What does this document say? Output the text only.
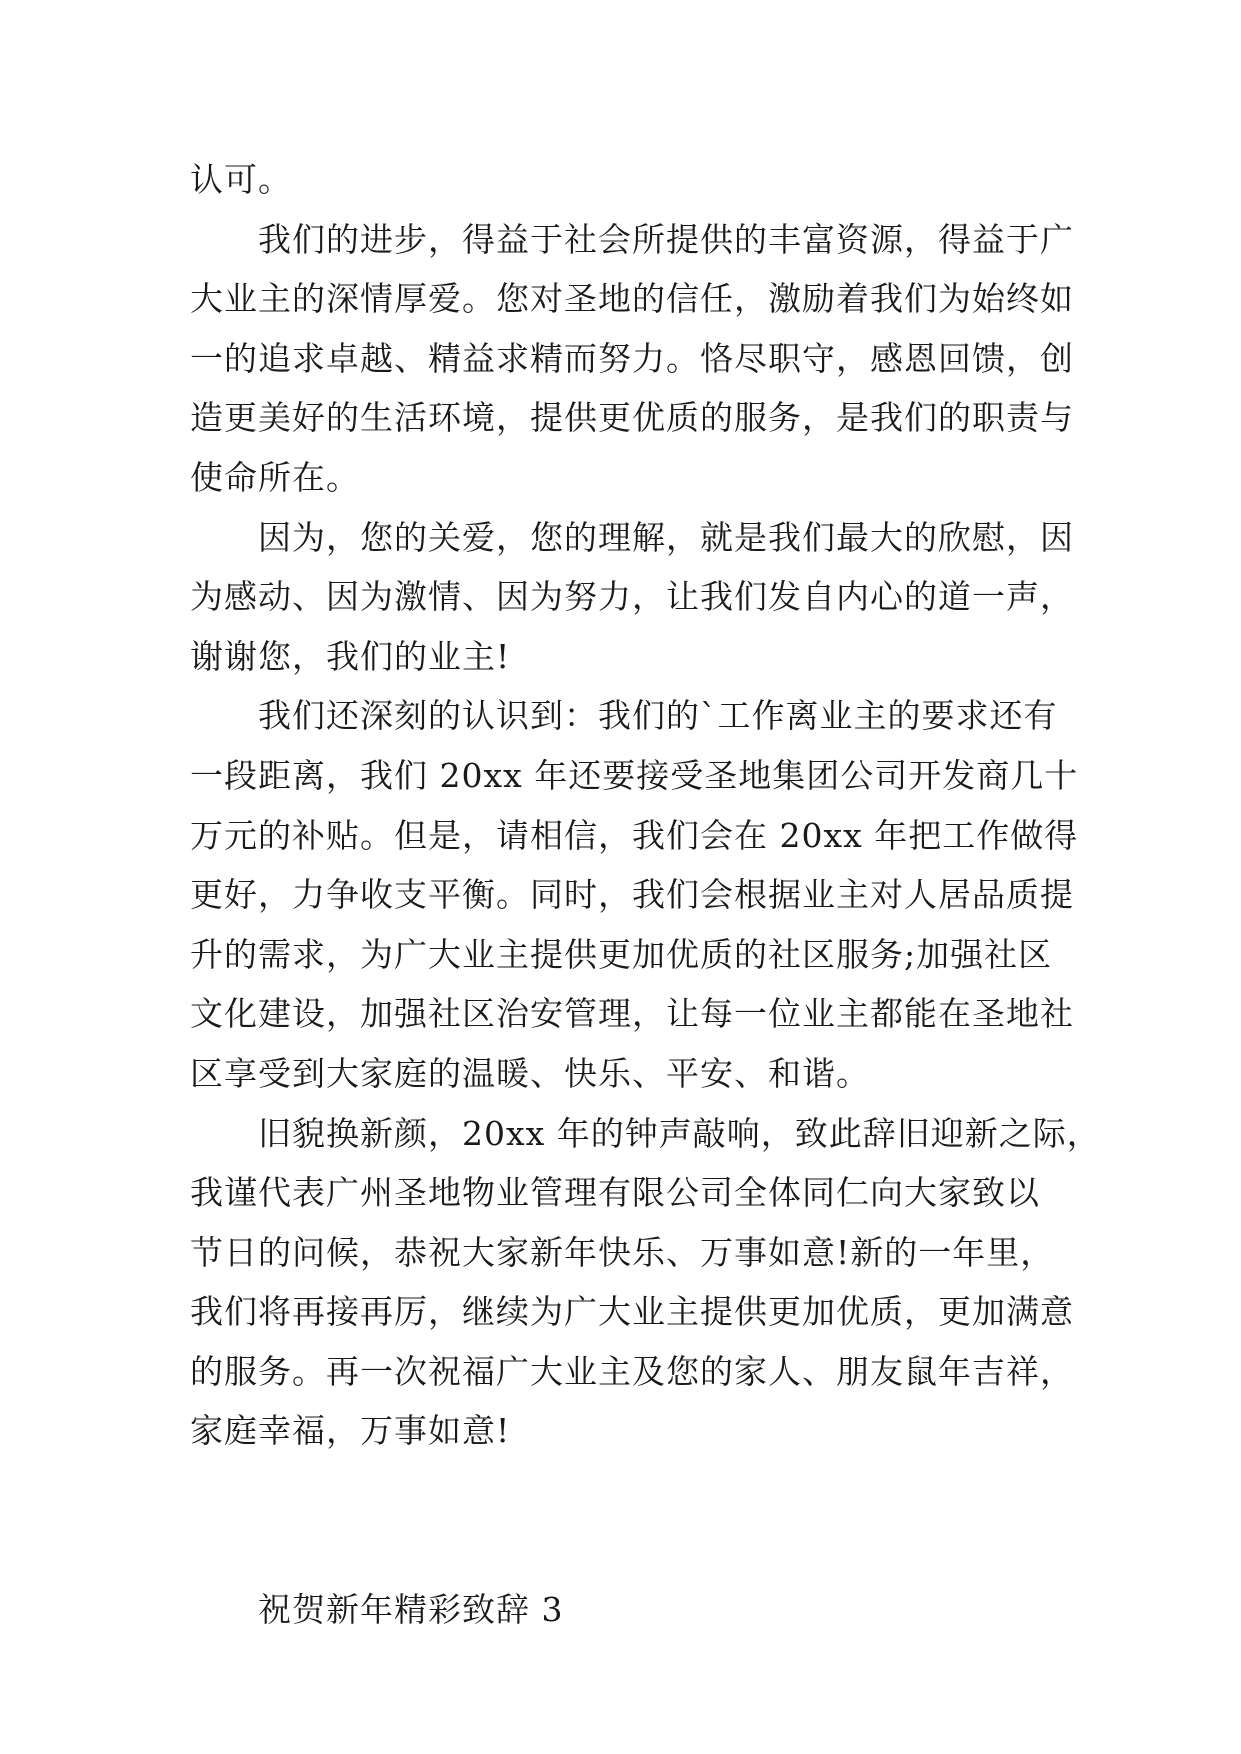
认可。
我们的进步，得益于社会所提供的丰富资源，得益于广
大业主的深情厚爱。您对圣地的信任，激励着我们为始终如
一的追求卓越、精益求精而努力。恪尽职守，感恩回馈，创
造更美好的生活环境，提供更优质的服务，是我们的职责与
使命所在。
因为，您的关爱，您的理解，就是我们最大的欣慰，因
为感动、因为激情、因为努力，让我们发自内心的道一声，
谢谢您，我们的业主!
我们还深刻的认识到：我们的`工作离业主的要求还有
一段距离，我们 20xx 年还要接受圣地集团公司开发商几十
万元的补贴。但是，请相信，我们会在 20xx 年把工作做得
更好，力争收支平衡。同时，我们会根据业主对人居品质提
升的需求，为广大业主提供更加优质的社区服务;加强社区
文化建设，加强社区治安管理，让每一位业主都能在圣地社
区享受到大家庭的温暖、快乐、平安、和谐。
旧貌换新颜，20xx 年的钟声敲响，致此辞旧迎新之际，
我谨代表广州圣地物业管理有限公司全体同仁向大家致以
节日的问候，恭祝大家新年快乐、万事如意!新的一年里，
我们将再接再厉，继续为广大业主提供更加优质，更加满意
的服务。再一次祝福广大业主及您的家人、朋友鼠年吉祥，
家庭幸福，万事如意!
祝贺新年精彩致辞 3
